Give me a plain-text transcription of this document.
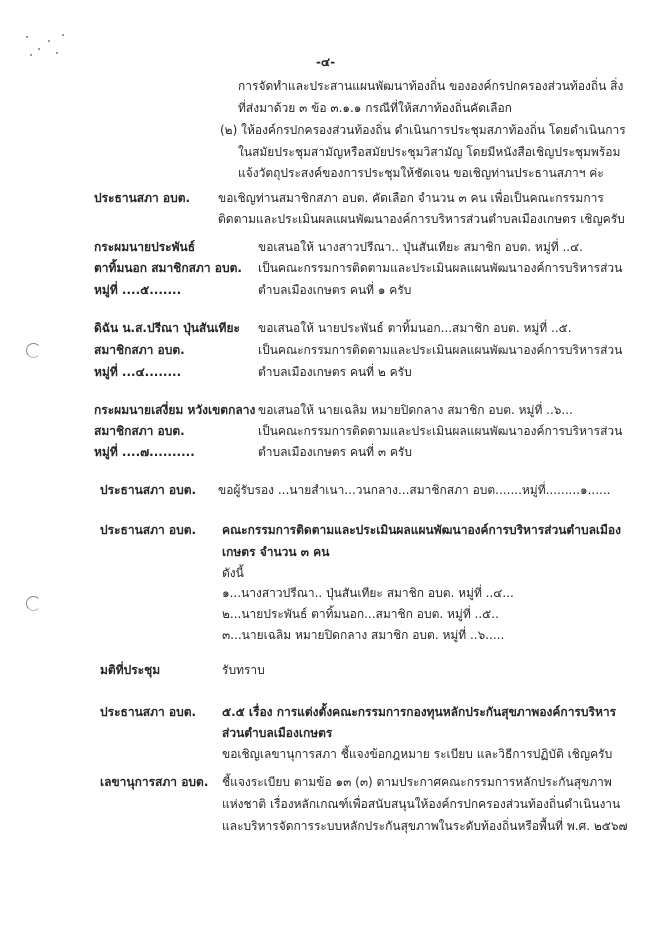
-๔-
การจัดทำและประสานแผนพัฒนาท้องถิ่น ขององค์กรปกครองส่วนท้องถิ่น สิ่ง
ที่ส่งมาด้วย ๓ ข้อ ๓.๑.๑ กรณีที่ให้สภาท้องถิ่นคัดเลือก
(๒) ให้องค์กรปกครองส่วนท้องถิ่น ดำเนินการประชุมสภาท้องถิ่น โดยดำเนินการ
ในสมัยประชุมสามัญหรือสมัยประชุมวิสามัญ โดยมีหนังสือเชิญประชุมพร้อม
แจ้งวัตถุประสงค์ของการประชุมให้ชัดเจน ขอเชิญท่านประธานสภาฯ ค่ะ
ประธานสภา อบต. ขอเชิญท่านสมาชิกสภา อบต. คัดเลือก จำนวน ๓ คน เพื่อเป็นคณะกรรมการ
ติดตามและประเมินผลแผนพัฒนาองค์การบริหารส่วนตำบลเมืองเกษตร เชิญครับ
กระผมนายประพันธ์
ตาทิ้มนอก สมาชิกสภา อบต.
หมู่ที่ ....๕.......
ขอเสนอให้ นางสาวปรีณา.. ปุ่นสันเทียะ สมาชิก อบต. หมู่ที่ ..๔.
เป็นคณะกรรมการติดตามและประเมินผลแผนพัฒนาองค์การบริหารส่วน
ตำบลเมืองเกษตร คนที่ ๑ ครับ
ดิฉัน น.ส.ปรีณา ปุ่นสันเทียะ
สมาชิกสภา อบต.
หมู่ที่ ...๔........
ขอเสนอให้ นายประพันธ์ ตาทิ้มนอก...สมาชิก อบต. หมู่ที่ ..๕.
เป็นคณะกรรมการติดตามและประเมินผลแผนพัฒนาองค์การบริหารส่วน
ตำบลเมืองเกษตร คนที่ ๒ ครับ
กระผมนายเสงี่ยม หวังเขตกลาง
สมาชิกสภา อบต.
หมู่ที่ ....๗..........
ขอเสนอให้ นายเฉลิม หมายปิดกลาง สมาชิก อบต. หมู่ที่ ..๖...
เป็นคณะกรรมการติดตามและประเมินผลแผนพัฒนาองค์การบริหารส่วน
ตำบลเมืองเกษตร คนที่ ๓ ครับ
ประธานสภา อบต. ขอผู้รับรอง ...นายสำเนา...วนกลาง...สมาชิกสภา อบต.......หมู่ที่.........๑......
ประธานสภา อบต. คณะกรรมการติดตามและประเมินผลแผนพัฒนาองค์การบริหารส่วนตำบลเมือง
เกษตร จำนวน ๓ คน
ดังนี้
๑...นางสาวปรีณา.. ปุ่นสันเทียะ สมาชิก อบต. หมู่ที่ ..๔...
๒...นายประพันธ์ ตาทิ้มนอก...สมาชิก อบต. หมู่ที่ ..๕..
๓...นายเฉลิม หมายปิดกลาง สมาชิก อบต. หมู่ที่ ..๖.....
มติที่ประชุม	รับทราบ
ประธานสภา อบต. ๕.๕ เรื่อง การแต่งตั้งคณะกรรมการกองทุนหลักประกันสุขภาพองค์การบริหาร
ส่วนตำบลเมืองเกษตร
ขอเชิญเลขานุการสภา ชี้แจงข้อกฎหมาย ระเบียบ และวิธีการปฏิบัติ เชิญครับ
เลขานุการสภา อบต. ชี้แจงระเบียบ ตามข้อ ๑๓ (๓) ตามประกาศคณะกรรมการหลักประกันสุขภาพ
แห่งชาติ เรื่องหลักเกณฑ์เพื่อสนับสนุนให้องค์กรปกครองส่วนท้องถิ่นดำเนินงาน
และบริหารจัดการระบบหลักประกันสุขภาพในระดับท้องถิ่นหรือพื้นที่ พ.ศ. ๒๕๖๗
